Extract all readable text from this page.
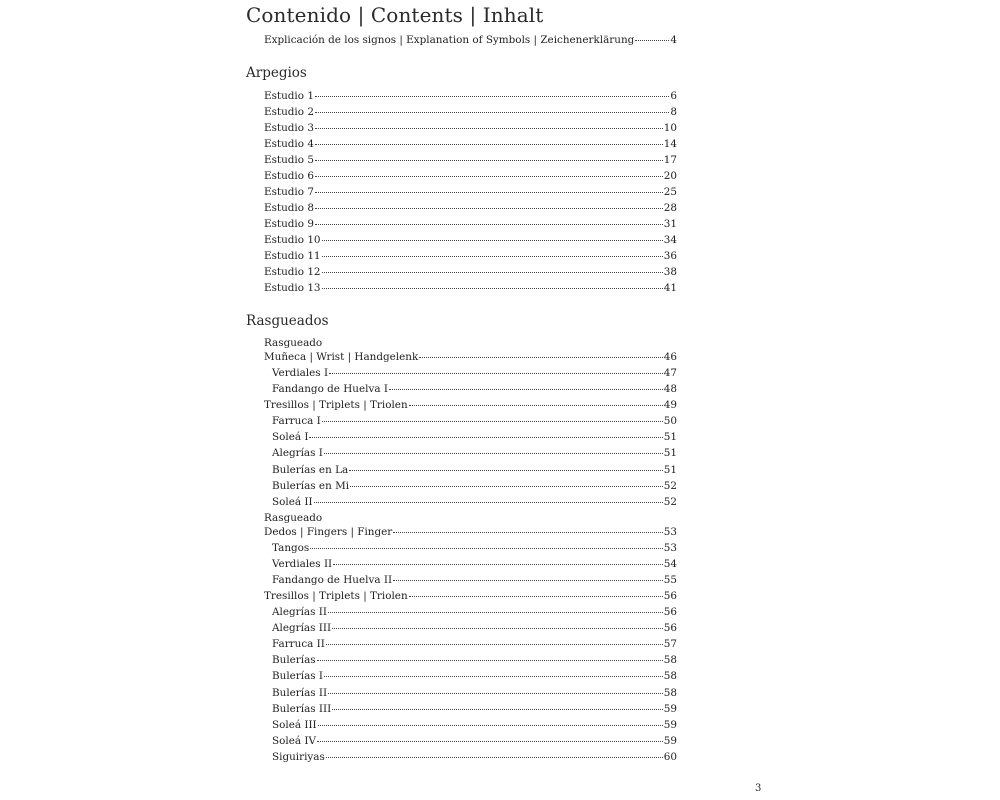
Contenido | Contents | Inhalt
Explicación de los signos | Explanation of Symbols | Zeichenerklärung	4
Arpegios
Estudio 1	6
Estudio 2	8
Estudio 3	10
Estudio 4	14
Estudio 5	17
Estudio 6	20
Estudio 7	25
Estudio 8	28
Estudio 9	31
Estudio 10	34
Estudio 11	36
Estudio 12	38
Estudio 13	41
Rasgueados
Rasgueado
Muñeca | Wrist | Handgelenk	46
Verdiales I	47
Fandango de Huelva I	48
Tresillos | Triplets | Triolen	49
Farruca I	50
Soleá I	51
Alegrías I	51
Bulerías en La	51
Bulerías en Mi	52
Soleá II	52
Rasgueado
Dedos | Fingers | Finger	53
Tangos	53
Verdiales II	54
Fandango de Huelva II	55
Tresillos | Triplets | Triolen	56
Alegrías II	56
Alegrías III	56
Farruca II	57
Bulerías	58
Bulerías I	58
Bulerías II	58
Bulerías III	59
Soleá III	59
Soleá IV	59
Siguiriyas	60
3
